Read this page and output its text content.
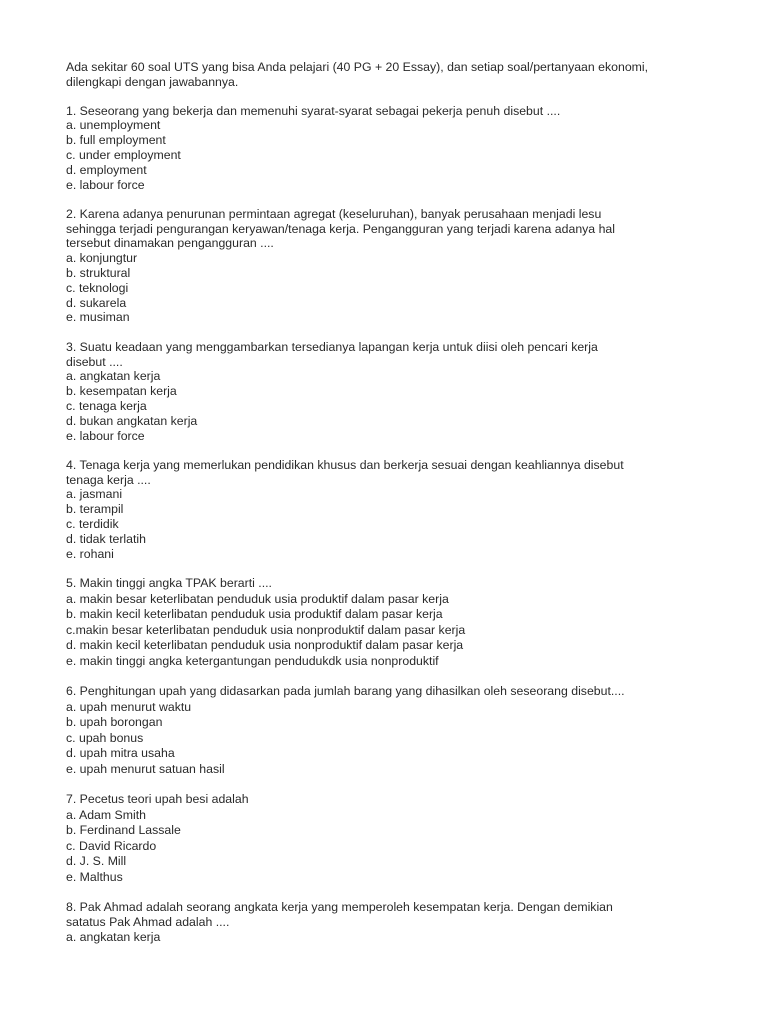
Ada sekitar 60 soal UTS yang bisa Anda pelajari (40 PG + 20 Essay), dan setiap soal/pertanyaan ekonomi,
dilengkapi dengan jawabannya.
1. Seseorang yang bekerja dan memenuhi syarat-syarat sebagai pekerja penuh disebut ....
a. unemployment
b. full employment
c. under employment
d. employment
e. labour force
2. Karena adanya penurunan permintaan agregat (keseluruhan), banyak perusahaan menjadi lesu
sehingga terjadi pengurangan keryawan/tenaga kerja. Pengangguran yang terjadi karena adanya hal
tersebut dinamakan pengangguran ....
a. konjungtur
b. struktural
c. teknologi
d. sukarela
e. musiman
3. Suatu keadaan yang menggambarkan tersedianya lapangan kerja untuk diisi oleh pencari kerja
disebut ....
a. angkatan kerja
b. kesempatan kerja
c. tenaga kerja
d. bukan angkatan kerja
e. labour force
4. Tenaga kerja yang memerlukan pendidikan khusus dan berkerja sesuai dengan keahliannya disebut
tenaga kerja ....
a. jasmani
b. terampil
c. terdidik
d. tidak terlatih
e. rohani
5. Makin tinggi angka TPAK berarti ....
a. makin besar keterlibatan penduduk usia produktif dalam pasar kerja
b. makin kecil keterlibatan penduduk usia produktif dalam pasar kerja
c.makin besar keterlibatan penduduk usia nonproduktif dalam pasar kerja
d. makin kecil keterlibatan penduduk usia nonproduktif dalam pasar kerja
e. makin tinggi angka ketergantungan pendudukdk usia nonproduktif
6. Penghitungan upah yang didasarkan pada jumlah barang yang dihasilkan oleh seseorang disebut....
a. upah menurut waktu
b. upah borongan
c. upah bonus
d. upah mitra usaha
e. upah menurut satuan hasil
7. Pecetus teori upah besi adalah
a. Adam Smith
b. Ferdinand Lassale
c. David Ricardo
d. J. S. Mill
e. Malthus
8. Pak Ahmad adalah seorang angkata kerja yang memperoleh kesempatan kerja. Dengan demikian
satatus Pak Ahmad adalah ....
a. angkatan kerja
